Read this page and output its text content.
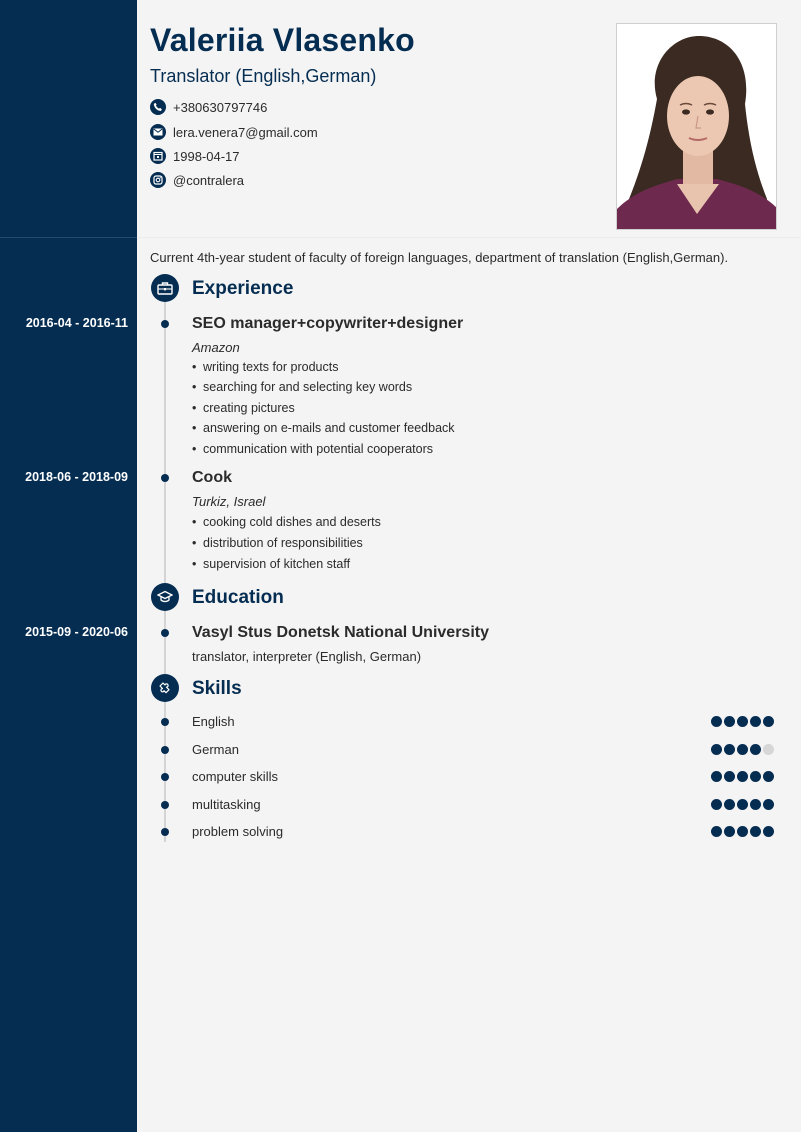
Valeriia Vlasenko
Translator (English,German)
+380630797746
lera.venera7@gmail.com
1998-04-17
@contralera
Current 4th-year student of faculty of foreign languages, department of translation (English,German).
Experience
2016-04 - 2016-11	SEO manager+copywriter+designer
Amazon
• writing texts for products
• searching for and selecting key words
• creating pictures
• answering on e-mails and customer feedback
• communication with potential cooperators
2018-06 - 2018-09	Cook
Turkiz, Israel
• cooking cold dishes and deserts
• distribution of responsibilities
• supervision of kitchen staff
Education
2015-09 - 2020-06	Vasyl Stus Donetsk National University
translator, interpreter (English, German)
Skills
English
German
computer skills
multitasking
problem solving
